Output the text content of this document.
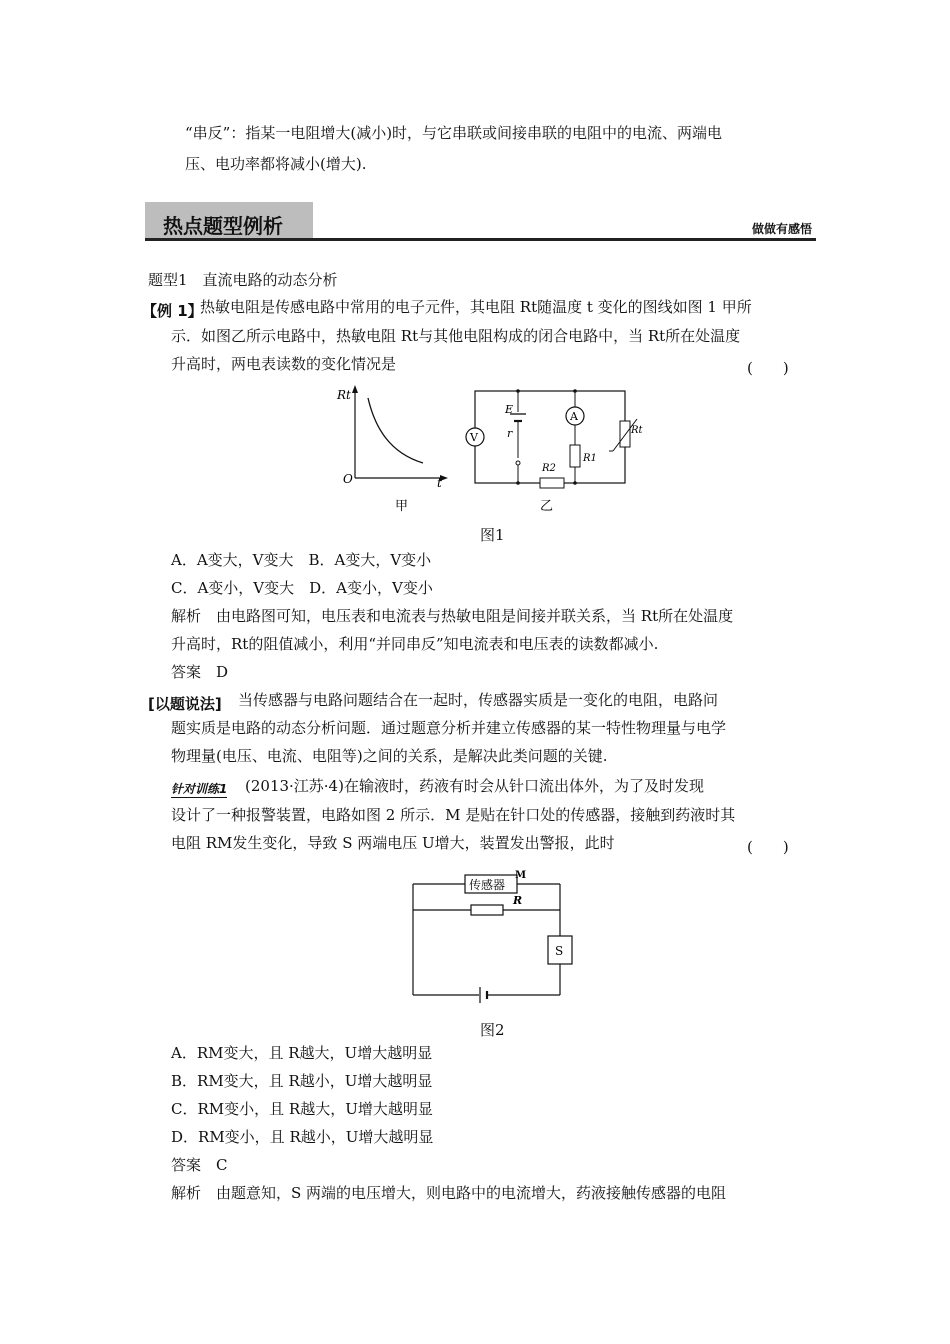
“串反”：指某一电阻增大(减小)时，与它串联或间接串联的电阻中的电流、两端电
压、电功率都将减小(增大).
热点题型例析	做做有感悟
题型1　直流电路的动态分析
【例 1】
热敏电阻是传感电路中常用的电子元件，其电阻 Rt随温度 t 变化的图线如图 1 甲所
示．如图乙所示电路中，热敏电阻 Rt与其他电阻构成的闭合电路中，当 Rt所在处温度
升高时，两电表读数的变化情况是	(　　)
Rt
t
O
甲
V
E
r
A
R1
R2
Rt
乙
图1
A．A变大，V变大　B．A变大，V变小
C．A变小，V变大　D．A变小，V变小
解析　由电路图可知，电压表和电流表与热敏电阻是间接并联关系，当 Rt所在处温度
升高时，Rt的阻值减小，利用“并同串反”知电流表和电压表的读数都减小.
答案　D
[以题说法] 当传感器与电路问题结合在一起时，传感器实质是一变化的电阻，电路问
题实质是电路的动态分析问题．通过题意分析并建立传感器的某一特性物理量与电学
物理量(电压、电流、电阻等)之间的关系，是解决此类问题的关键.
针对训练1 (2013·江苏·4)在输液时，药液有时会从针口流出体外，为了及时发现
设计了一种报警装置，电路如图 2 所示．M 是贴在针口处的传感器，接触到药液时其
电阻 RM发生变化，导致 S 两端电压 U增大，装置发出警报，此时	(　　)
传感器
M
R
S
图2
A．RM变大，且 R越大，U增大越明显
B．RM变大，且 R越小，U增大越明显
C．RM变小，且 R越大，U增大越明显
D．RM变小，且 R越小，U增大越明显
答案　C
解析　由题意知，S 两端的电压增大，则电路中的电流增大，药液接触传感器的电阻
